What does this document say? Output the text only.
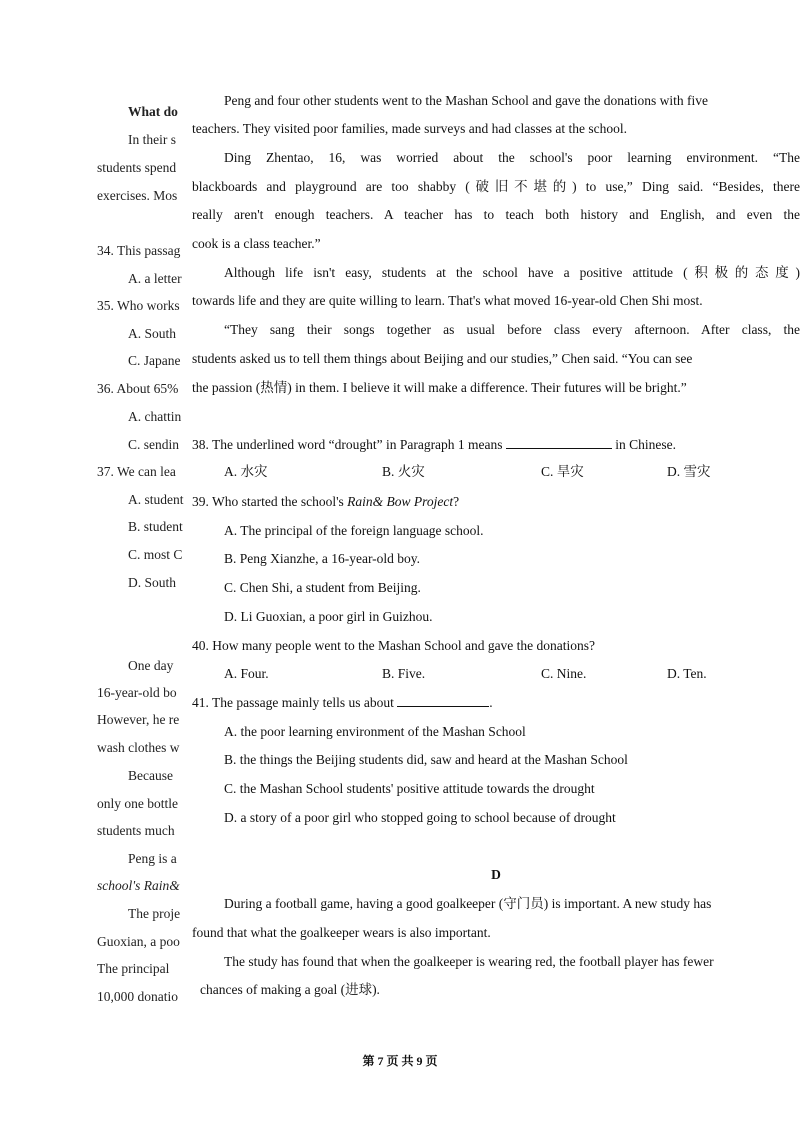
What do
In their s
students spend
exercises. Mos
34. This passag
A. a letter
35. Who works
A. South
C. Japane
36. About 65%
A. chattin
C. sendin
37. We can lea
A. student
B. student
C. most C
D. South
One day
16-year-old bo
However, he re
wash clothes w
Because
only one bottle
students much
Peng is a
school's Rain&
The proje
Guoxian, a poo
The principal
10,000 donatio
Peng and four other students went to the Mashan School and gave the donations with five
teachers. They visited poor families, made surveys and had classes at the school.
Ding Zhentao, 16, was worried about the school's poor learning environment. “The
blackboards and playground are too shabby (破旧不堪的) to use,” Ding said. “Besides, there
really aren't enough teachers. A teacher has to teach both history and English, and even the
cook is a class teacher.”
Although life isn't easy, students at the school have a positive attitude (积极的态度)
towards life and they are quite willing to learn. That's what moved 16-year-old Chen Shi most.
“They sang their songs together as usual before class every afternoon. After class, the
students asked us to tell them things about Beijing and our studies,” Chen said. “You can see
the passion (热情) in them. I believe it will make a difference. Their futures will be bright.”
38. The underlined word “drought” in Paragraph 1 means	in Chinese.
A. 水灾	B. 火灾	C. 旱灾	D. 雪灾
39. Who started the school's Rain& Bow Project?
A. The principal of the foreign language school.
B. Peng Xianzhe, a 16-year-old boy.
C. Chen Shi, a student from Beijing.
D. Li Guoxian, a poor girl in Guizhou.
40. How many people went to the Mashan School and gave the donations?
A. Four.	B. Five.	C. Nine.	D. Ten.
41. The passage mainly tells us about	.
A. the poor learning environment of the Mashan School
B. the things the Beijing students did, saw and heard at the Mashan School
C. the Mashan School students' positive attitude towards the drought
D. a story of a poor girl who stopped going to school because of drought
D
During a football game, having a good goalkeeper (守门员) is important. A new study has
found that what the goalkeeper wears is also important.
The study has found that when the goalkeeper is wearing red, the football player has fewer
chances of making a goal (进球).
第 7 页 共 9 页
